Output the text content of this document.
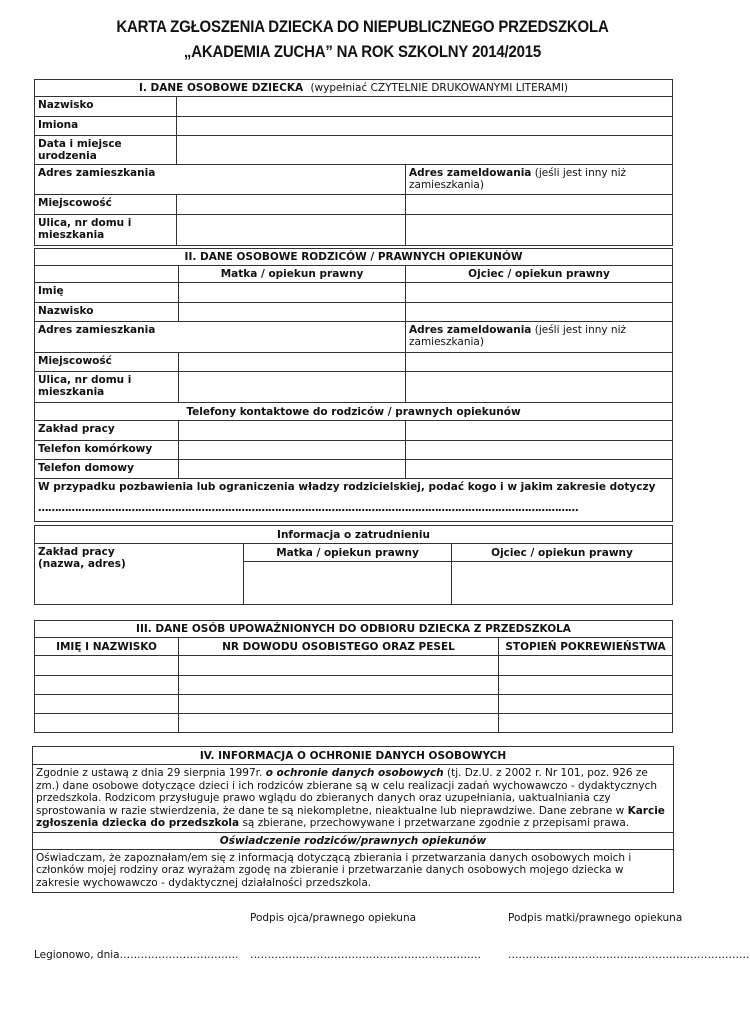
KARTA ZGŁOSZENIA DZIECKA DO NIEPUBLICZNEGO PRZEDSZKOLA
„AKADEMIA ZUCHA” NA ROK SZKOLNY 2014/2015
I. DANE OSOBOWE DZIECKA (wypełniać CZYTELNIE DRUKOWANYMI LITERAMI)		
Nazwisko		
Imiona		
Data i miejsce urodzenia		
Adres zamieszkania		Adres zameldowania (jeśli jest inny niż zamieszkania)
Miejscowość		
Ulica, nr domu i mieszkania		
II. DANE OSOBOWE RODZICÓW / PRAWNYCH OPIEKUNÓW		
	Matka / opiekun prawny	Ojciec / opiekun prawny
Imię		
Nazwisko		
Adres zamieszkania		Adres zameldowania (jeśli jest inny niż zamieszkania)
Miejscowość		
Ulica, nr domu i mieszkania		
Telefony kontaktowe do rodziców / prawnych opiekunów		
Zakład pracy		
Telefon komórkowy		
Telefon domowy		

W przypadku pozbawienia lub ograniczenia władzy rodzicielskiej, podać kogo i w jakim zakresie dotyczy
………………………………………………………………………………………………………………………………………………		
Informacja o zatrudnieniu		

Zakład pracy
(nazwa, adres)	Matka / opiekun prawny	Ojciec / opiekun prawny

III. DANE OSÓB UPOWAŻNIONYCH DO ODBIORU DZIECKA Z PRZEDSZKOLA		
IMIĘ I NAZWISKO	NR DOWODU OSOBISTEGO ORAZ PESEL	STOPIEŃ POKREWIEŃSTWA

IV. INFORMACJA O OCHRONIE DANYCH OSOBOWYCH
Zgodnie z ustawą z dnia 29 sierpnia 1997r. o ochronie danych osobowych (tj. Dz.U. z 2002 r. Nr 101, poz. 926 ze zm.) dane osobowe dotyczące dzieci i ich rodziców zbierane są w celu realizacji zadań wychowawczo - dydaktycznych przedszkola. Rodzicom przysługuje prawo wglądu do zbieranych danych oraz uzupełniania, uaktualniania czy sprostowania w razie stwierdzenia, że dane te są niekompletne, nieaktualne lub nieprawdziwe. Dane zebrane w Karcie zgłoszenia dziecka do przedszkola są zbierane, przechowywane i przetwarzane zgodnie z przepisami prawa.
Oświadczenie rodziców/prawnych opiekunów
Oświadczam, że zapoznałam/em się z informacją dotyczącą zbierania i przetwarzania danych osobowych moich i członków mojej rodziny oraz wyrażam zgodę na zbieranie i przetwarzanie danych osobowych mojego dziecka w zakresie wychowawczo - dydaktycznej działalności przedszkola.
Podpis ojca/prawnego opiekuna	Podpis matki/prawnego opiekuna
Legionowo, dnia……………………………. …………………………………………………………	……………………………………………………………
